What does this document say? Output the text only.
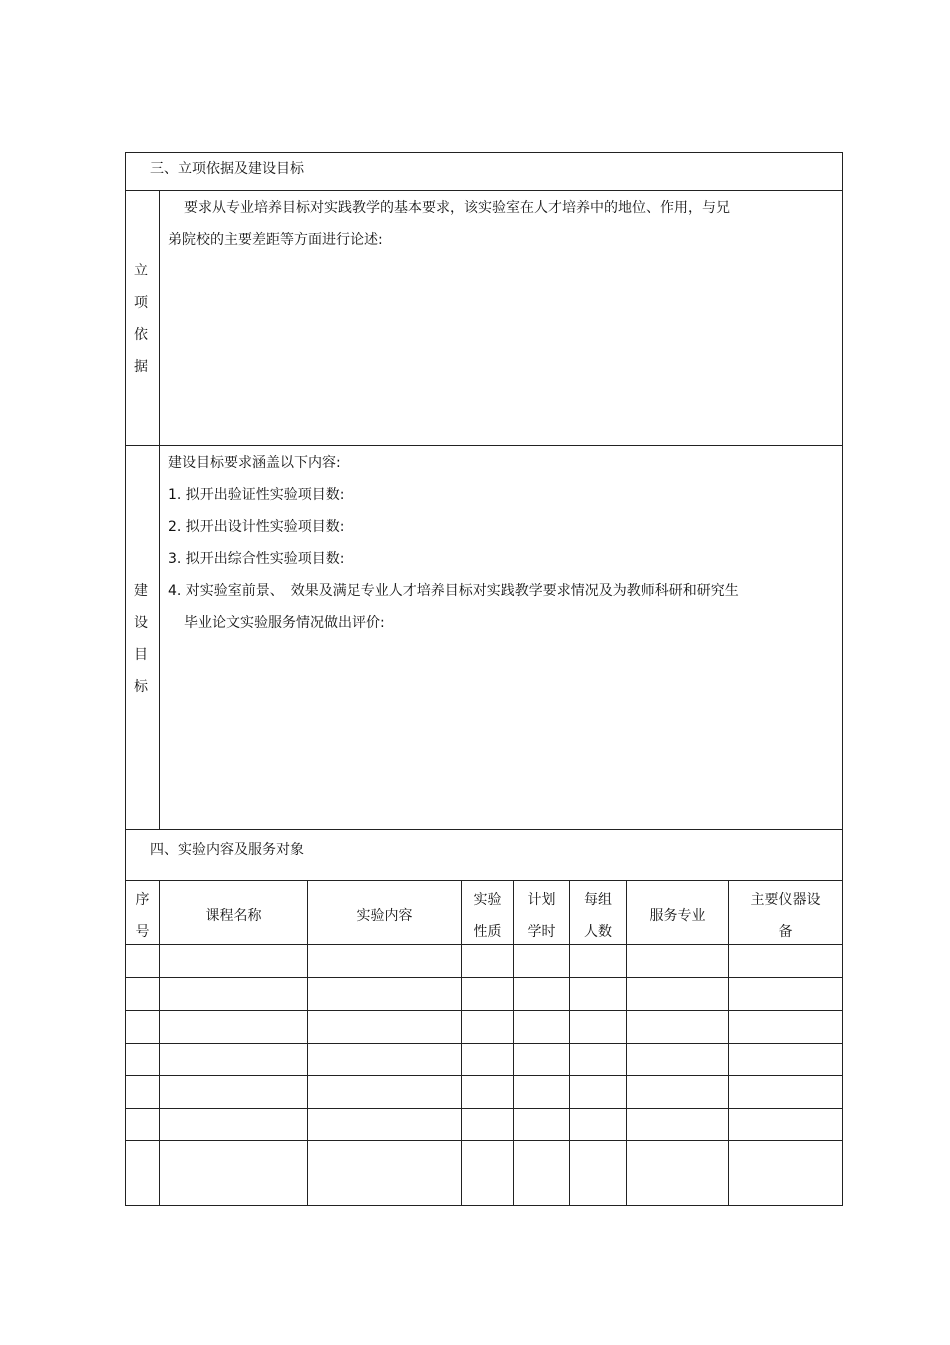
三、立项依据及建设目标
立
项
依
据
要求从专业培养目标对实践教学的基本要求，该实验室在人才培养中的地位、作用，与兄
弟院校的主要差距等方面进行论述:
建
设
目
标
建设目标要求涵盖以下内容:
1. 拟开出验证性实验项目数:
2. 拟开出设计性实验项目数:
3. 拟开出综合性实验项目数:
4. 对实验室前景、　效果及满足专业人才培养目标对实践教学要求情况及为教师科研和研究生
毕业论文实验服务情况做出评价:
四、实验内容及服务对象
序
号
课程名称	实验内容
实验
性质
计划
学时
每组
人数
服务专业
主要仪器设
备
